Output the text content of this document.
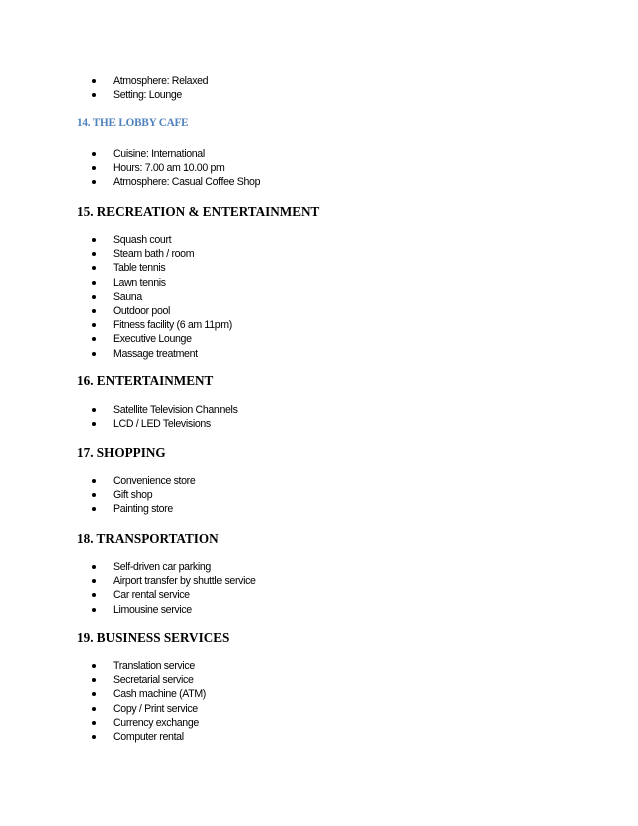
Atmosphere: Relaxed
Setting: Lounge
14. THE LOBBY CAFE
Cuisine: International
Hours: 7.00 am 10.00 pm
Atmosphere: Casual Coffee Shop
15. RECREATION & ENTERTAINMENT
Squash court
Steam bath / room
Table tennis
Lawn tennis
Sauna
Outdoor pool
Fitness facility (6 am 11pm)
Executive Lounge
Massage treatment
16. ENTERTAINMENT
Satellite Television Channels
LCD / LED Televisions
17. SHOPPING
Convenience store
Gift shop
Painting store
18. TRANSPORTATION
Self-driven car parking
Airport transfer by shuttle service
Car rental service
Limousine service
19. BUSINESS SERVICES
Translation service
Secretarial service
Cash machine (ATM)
Copy / Print service
Currency exchange
Computer rental
